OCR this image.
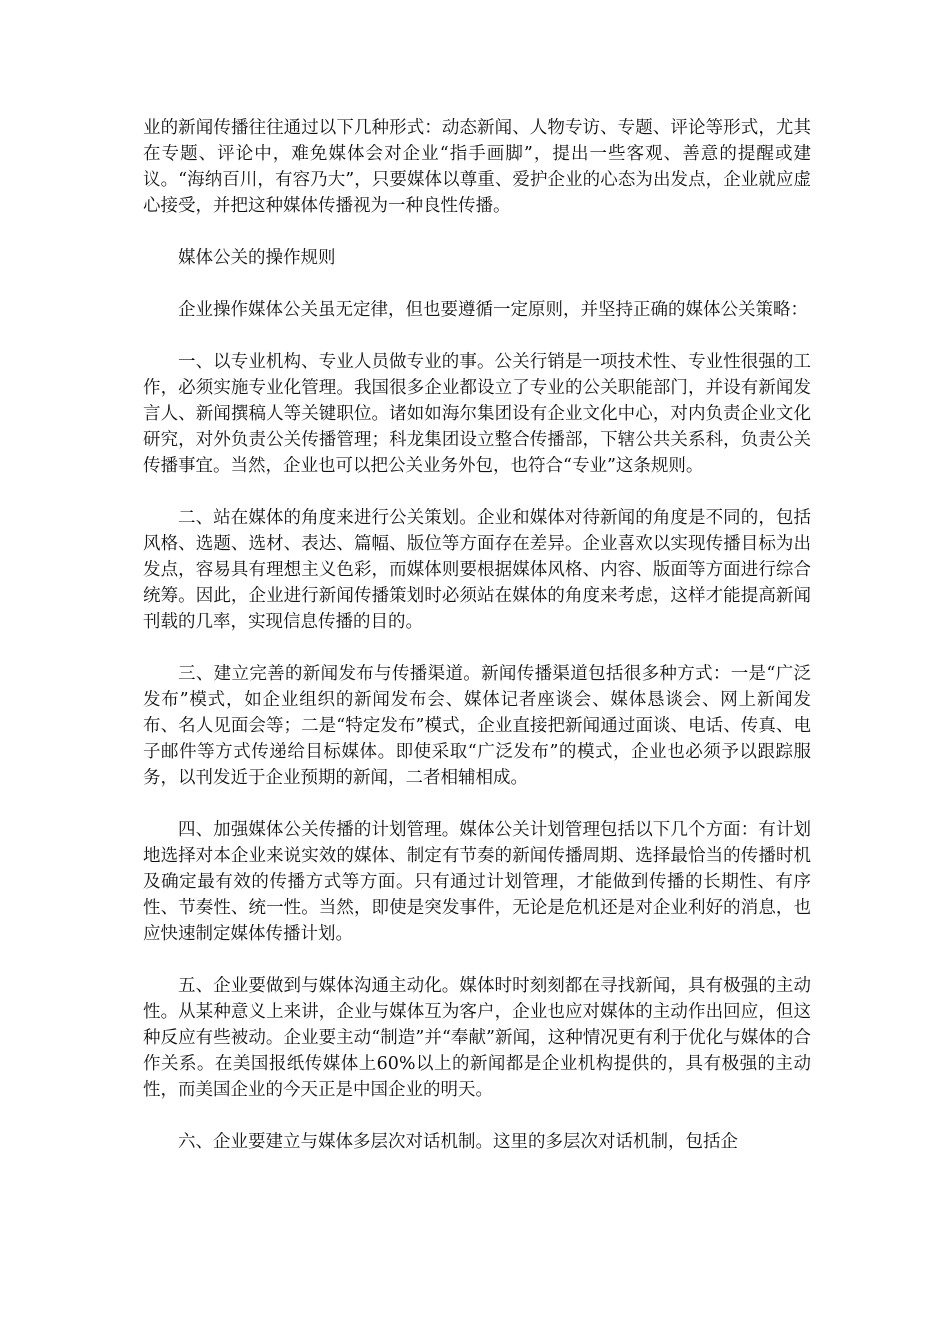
业的新闻传播往往通过以下几种形式：动态新闻、人物专访、专题、评论等形式，尤其在专题、评论中，难免媒体会对企业“指手画脚”，提出一些客观、善意的提醒或建议。“海纳百川，有容乃大”，只要媒体以尊重、爱护企业的心态为出发点，企业就应虚心接受，并把这种媒体传播视为一种良性传播。

媒体公关的操作规则

企业操作媒体公关虽无定律，但也要遵循一定原则，并坚持正确的媒体公关策略：

一、以专业机构、专业人员做专业的事。公关行销是一项技术性、专业性很强的工作，必须实施专业化管理。我国很多企业都设立了专业的公关职能部门，并设有新闻发言人、新闻撰稿人等关键职位。诸如如海尔集团设有企业文化中心，对内负责企业文化研究，对外负责公关传播管理；科龙集团设立整合传播部，下辖公共关系科，负责公关传播事宜。当然，企业也可以把公关业务外包，也符合“专业”这条规则。

二、站在媒体的角度来进行公关策划。企业和媒体对待新闻的角度是不同的，包括风格、选题、选材、表达、篇幅、版位等方面存在差异。企业喜欢以实现传播目标为出发点，容易具有理想主义色彩，而媒体则要根据媒体风格、内容、版面等方面进行综合统筹。因此，企业进行新闻传播策划时必须站在媒体的角度来考虑，这样才能提高新闻刊载的几率，实现信息传播的目的。

三、建立完善的新闻发布与传播渠道。新闻传播渠道包括很多种方式：一是“广泛发布”模式，如企业组织的新闻发布会、媒体记者座谈会、媒体恳谈会、网上新闻发布、名人见面会等；二是“特定发布”模式，企业直接把新闻通过面谈、电话、传真、电子邮件等方式传递给目标媒体。即使采取“广泛发布”的模式，企业也必须予以跟踪服务，以刊发近于企业预期的新闻，二者相辅相成。

四、加强媒体公关传播的计划管理。媒体公关计划管理包括以下几个方面：有计划地选择对本企业来说实效的媒体、制定有节奏的新闻传播周期、选择最恰当的传播时机及确定最有效的传播方式等方面。只有通过计划管理，才能做到传播的长期性、有序性、节奏性、统一性。当然，即使是突发事件，无论是危机还是对企业利好的消息，也应快速制定媒体传播计划。

五、企业要做到与媒体沟通主动化。媒体时时刻刻都在寻找新闻，具有极强的主动性。从某种意义上来讲，企业与媒体互为客户，企业也应对媒体的主动作出回应，但这种反应有些被动。企业要主动“制造”并“奉献”新闻，这种情况更有利于优化与媒体的合作关系。在美国报纸传媒体上60%以上的新闻都是企业机构提供的，具有极强的主动性，而美国企业的今天正是中国企业的明天。

六、企业要建立与媒体多层次对话机制。这里的多层次对话机制，包括企
